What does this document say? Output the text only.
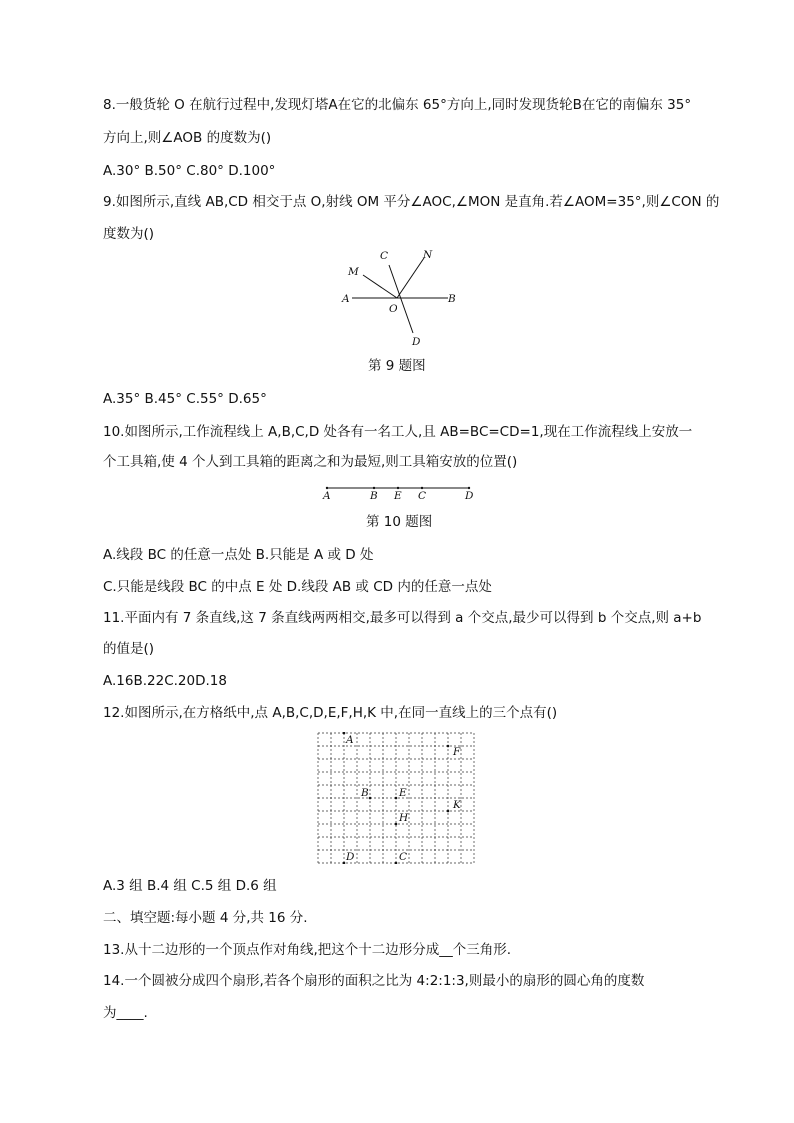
8.一般货轮 O 在航行过程中,发现灯塔A在它的北偏东 65°方向上,同时发现货轮B在它的南偏东 35°
方向上,则∠AOB 的度数为()
A.30° B.50° C.80° D.100°
9.如图所示,直线 AB,CD 相交于点 O,射线 OM 平分∠AOC,∠MON 是直角.若∠AOM=35°,则∠CON 的
度数为()
A	B
C
D
M
N
O
第 9 题图
A.35° B.45° C.55° D.65°
10.如图所示,工作流程线上 A,B,C,D 处各有一名工人,且 AB=BC=CD=1,现在工作流程线上安放一
个工具箱,使 4 个人到工具箱的距离之和为最短,则工具箱安放的位置()
A	B E C	D
第 10 题图
A.线段 BC 的任意一点处 B.只能是 A 或 D 处
C.只能是线段 BC 的中点 E 处 D.线段 AB 或 CD 内的任意一点处
11.平面内有 7 条直线,这 7 条直线两两相交,最多可以得到 a 个交点,最少可以得到 b 个交点,则 a+b
的值是()
A.16B.22C.20D.18
12.如图所示,在方格纸中,点 A,B,C,D,E,F,H,K 中,在同一直线上的三个点有()
A
F
B	E
K
H
D	C
A.3 组 B.4 组 C.5 组 D.6 组
二、填空题:每小题 4 分,共 16 分.
13.从十二边形的一个顶点作对角线,把这个十二边形分成__个三角形.
14.一个圆被分成四个扇形,若各个扇形的面积之比为 4:2:1:3,则最小的扇形的圆心角的度数
为____.
